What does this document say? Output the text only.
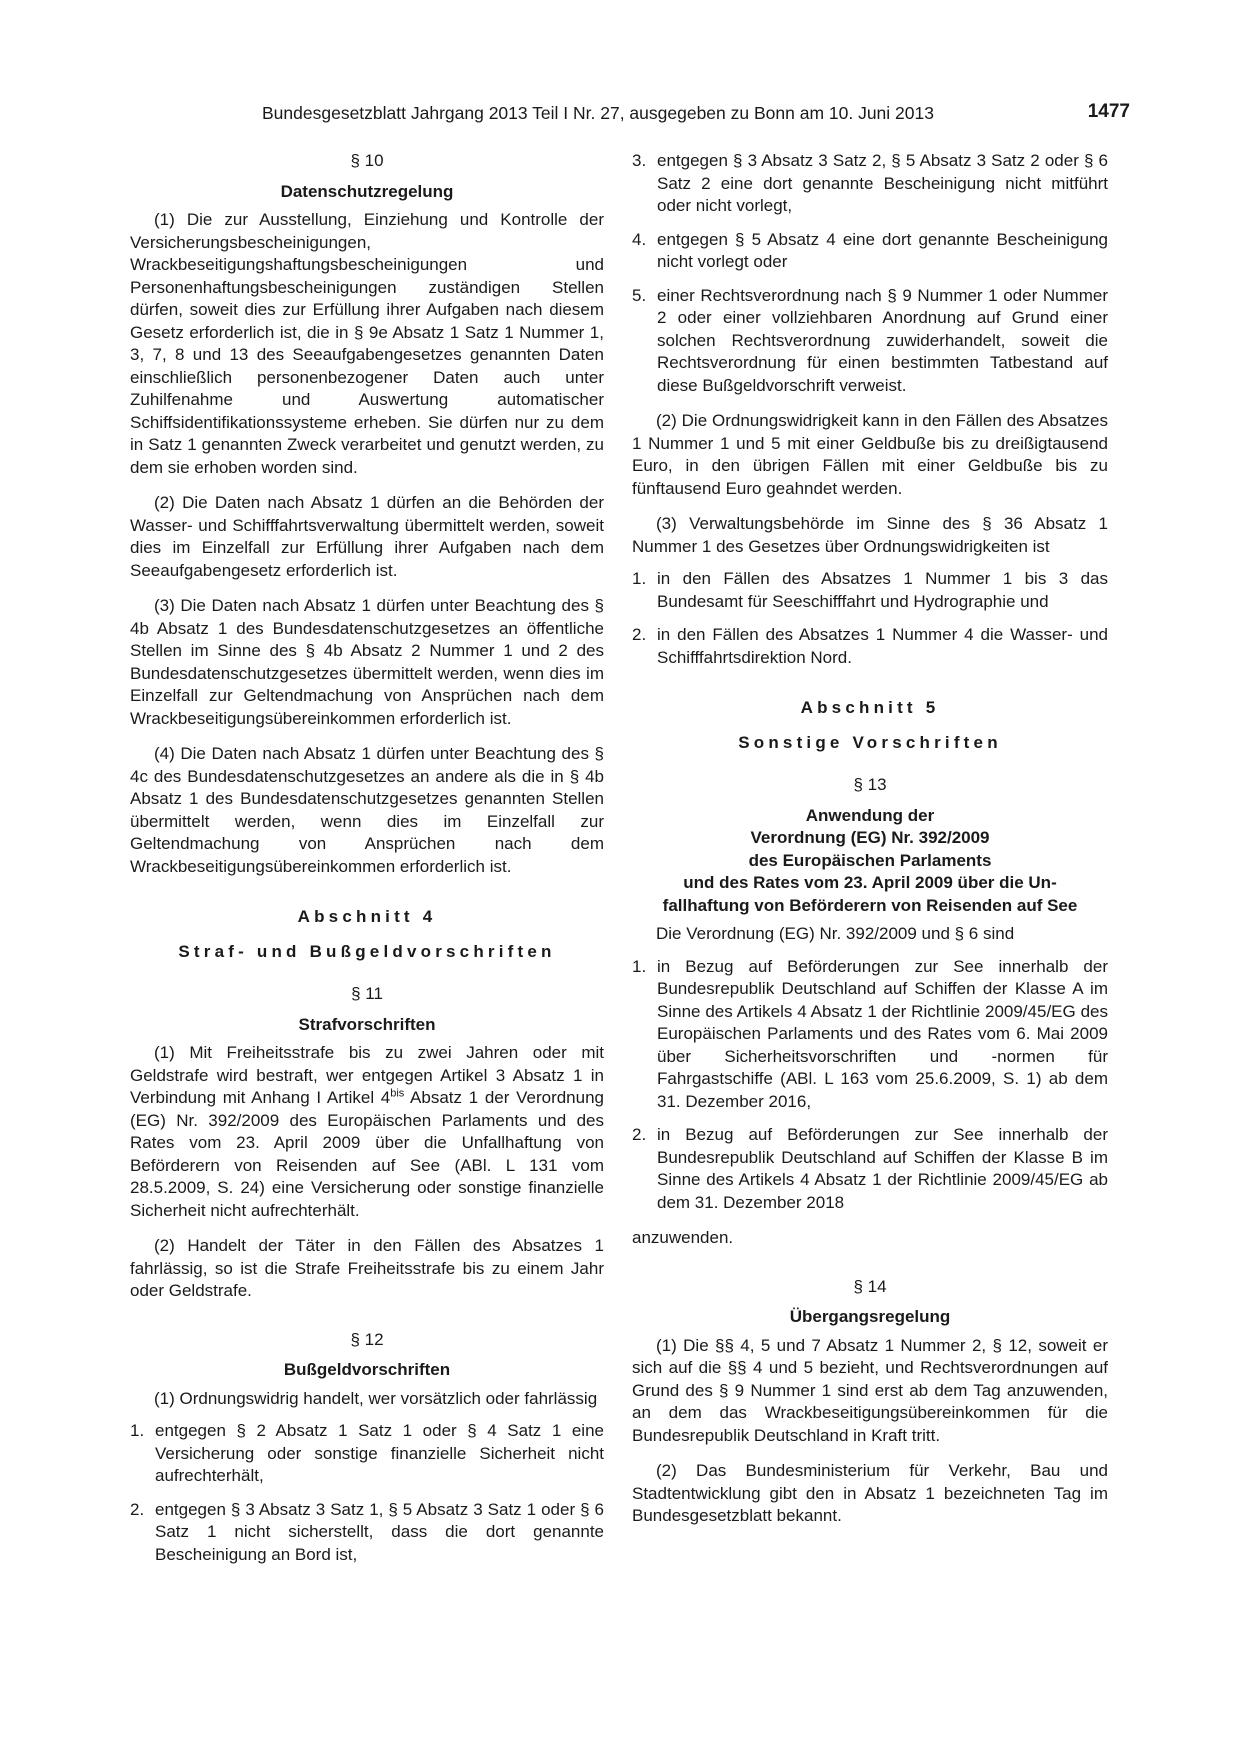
Bundesgesetzblatt Jahrgang 2013 Teil I Nr. 27, ausgegeben zu Bonn am 10. Juni 2013	1477
§ 10
Datenschutzregelung

(1) Die zur Ausstellung, Einziehung und Kontrolle der Versicherungsbescheinigungen, Wrackbeseitigungshaftungsbescheinigungen und Personenhaftungsbescheinigungen zuständigen Stellen dürfen, soweit dies zur Erfüllung ihrer Aufgaben nach diesem Gesetz erforderlich ist, die in § 9e Absatz 1 Satz 1 Nummer 1, 3, 7, 8 und 13 des Seeaufgabengesetzes genannten Daten einschließlich personenbezogener Daten auch unter Zuhilfenahme und Auswertung automatischer Schiffsidentifikationssysteme erheben. Sie dürfen nur zu dem in Satz 1 genannten Zweck verarbeitet und genutzt werden, zu dem sie erhoben worden sind.

(2) Die Daten nach Absatz 1 dürfen an die Behörden der Wasser- und Schifffahrtsverwaltung übermittelt werden, soweit dies im Einzelfall zur Erfüllung ihrer Aufgaben nach dem Seeaufgabengesetz erforderlich ist.

(3) Die Daten nach Absatz 1 dürfen unter Beachtung des § 4b Absatz 1 des Bundesdatenschutzgesetzes an öffentliche Stellen im Sinne des § 4b Absatz 2 Nummer 1 und 2 des Bundesdatenschutzgesetzes übermittelt werden, wenn dies im Einzelfall zur Geltendmachung von Ansprüchen nach dem Wrackbeseitigungsübereinkommen erforderlich ist.

(4) Die Daten nach Absatz 1 dürfen unter Beachtung des § 4c des Bundesdatenschutzgesetzes an andere als die in § 4b Absatz 1 des Bundesdatenschutzgesetzes genannten Stellen übermittelt werden, wenn dies im Einzelfall zur Geltendmachung von Ansprüchen nach dem Wrackbeseitigungsübereinkommen erforderlich ist.

Abschnitt 4
Straf- und Bußgeldvorschriften
§ 11
Strafvorschriften

(1) Mit Freiheitsstrafe bis zu zwei Jahren oder mit Geldstrafe wird bestraft, wer entgegen Artikel 3 Absatz 1 in Verbindung mit Anhang I Artikel $4^{bis}$ Absatz 1 der Verordnung (EG) Nr. 392/2009 des Europäischen Parlaments und des Rates vom 23. April 2009 über die Unfallhaftung von Beförderern von Reisenden auf See (ABl. L 131 vom 28.5.2009, S. 24) eine Versicherung oder sonstige finanzielle Sicherheit nicht aufrechterhält.

(2) Handelt der Täter in den Fällen des Absatzes 1 fahrlässig, so ist die Strafe Freiheitsstrafe bis zu einem Jahr oder Geldstrafe.

§ 12
Bußgeldvorschriften

(1) Ordnungswidrig handelt, wer vorsätzlich oder fahrlässig

1. entgegen § 2 Absatz 1 Satz 1 oder § 4 Satz 1 eine Versicherung oder sonstige finanzielle Sicherheit nicht aufrechterhält,
2. entgegen § 3 Absatz 3 Satz 1, § 5 Absatz 3 Satz 1 oder § 6 Satz 1 nicht sicherstellt, dass die dort genannte Bescheinigung an Bord ist,
3. entgegen § 3 Absatz 3 Satz 2, § 5 Absatz 3 Satz 2 oder § 6 Satz 2 eine dort genannte Bescheinigung nicht mitführt oder nicht vorlegt,
4. entgegen § 5 Absatz 4 eine dort genannte Bescheinigung nicht vorlegt oder
5. einer Rechtsverordnung nach § 9 Nummer 1 oder Nummer 2 oder einer vollziehbaren Anordnung auf Grund einer solchen Rechtsverordnung zuwiderhandelt, soweit die Rechtsverordnung für einen bestimmten Tatbestand auf diese Bußgeldvorschrift verweist.

(2) Die Ordnungswidrigkeit kann in den Fällen des Absatzes 1 Nummer 1 und 5 mit einer Geldbuße bis zu dreißigtausend Euro, in den übrigen Fällen mit einer Geldbuße bis zu fünftausend Euro geahndet werden.

(3) Verwaltungsbehörde im Sinne des § 36 Absatz 1 Nummer 1 des Gesetzes über Ordnungswidrigkeiten ist

1. in den Fällen des Absatzes 1 Nummer 1 bis 3 das Bundesamt für Seeschifffahrt und Hydrographie und
2. in den Fällen des Absatzes 1 Nummer 4 die Wasser- und Schifffahrtsdirektion Nord.
Abschnitt 5
Sonstige Vorschriften
§ 13
Anwendung der
Verordnung (EG) Nr. 392/2009
des Europäischen Parlaments
und des Rates vom 23. April 2009 über die Un-
fallhaftung von Beförderern von Reisenden auf See

Die Verordnung (EG) Nr. 392/2009 und § 6 sind

1. in Bezug auf Beförderungen zur See innerhalb der Bundesrepublik Deutschland auf Schiffen der Klasse A im Sinne des Artikels 4 Absatz 1 der Richtlinie 2009/45/EG des Europäischen Parlaments und des Rates vom 6. Mai 2009 über Sicherheitsvorschriften und -normen für Fahrgastschiffe (ABl. L 163 vom 25.6.2009, S. 1) ab dem 31. Dezember 2016,
2. in Bezug auf Beförderungen zur See innerhalb der Bundesrepublik Deutschland auf Schiffen der Klasse B im Sinne des Artikels 4 Absatz 1 der Richtlinie 2009/45/EG ab dem 31. Dezember 2018

anzuwenden.

§ 14
Übergangsregelung

(1) Die §§ 4, 5 und 7 Absatz 1 Nummer 2, § 12, soweit er sich auf die §§ 4 und 5 bezieht, und Rechtsverordnungen auf Grund des § 9 Nummer 1 sind erst ab dem Tag anzuwenden, an dem das Wrackbeseitigungsübereinkommen für die Bundesrepublik Deutschland in Kraft tritt.

(2) Das Bundesministerium für Verkehr, Bau und Stadtentwicklung gibt den in Absatz 1 bezeichneten Tag im Bundesgesetzblatt bekannt.
